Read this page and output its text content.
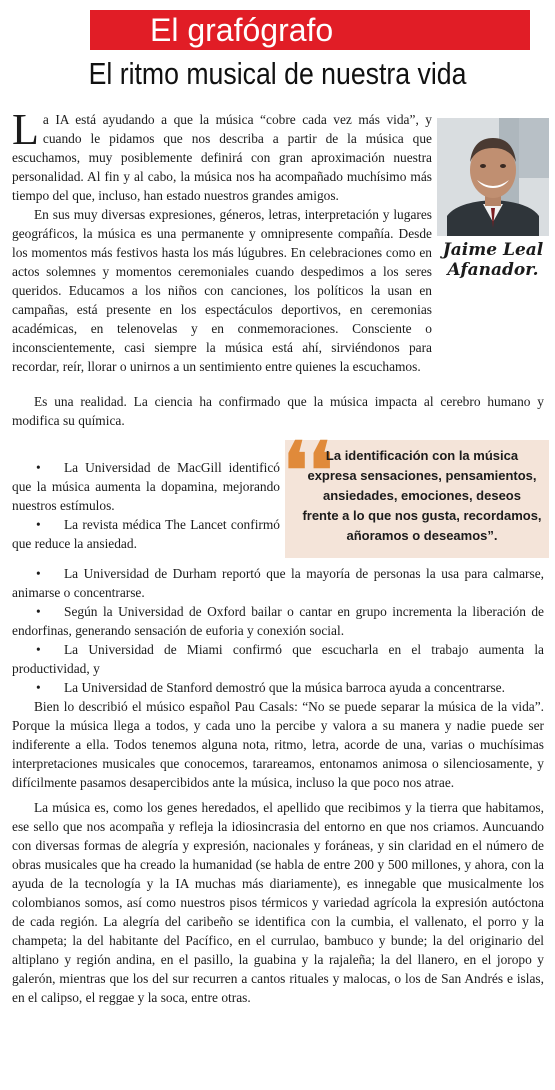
El grafógrafo
El ritmo musical de nuestra vida
Jaime Leal
Afanador.

La IA está ayudando a que la música “cobre cada vez más vida”, y cuando le pidamos que nos describa a partir de la música que escuchamos, muy posiblemente definirá con gran aproximación nuestra personalidad. Al fin y al cabo, la música nos ha acompañado muchísimo más tiempo del que, incluso, han estado nuestros grandes amigos.

En sus muy diversas expresiones, géneros, letras, interpretación y lugares geográficos, la música es una permanente y omnipresente compañía. Desde los momentos más festivos hasta los más lúgubres. En celebraciones como en actos solemnes y momentos ceremoniales cuando despedimos a los seres queridos. Educamos a los niños con canciones, los políticos la usan en campañas, está presente en los espectáculos deportivos, en ceremonias académicas, en telenovelas y en conmemoraciones. Consciente o inconscientemente, casi siempre la música está ahí, sirviéndonos para recordar, reír, llorar o unirnos a un sentimiento entre quienes la escuchamos.

Es una realidad. La ciencia ha confirmado que la música impacta al cerebro humano y modifica su química.

❛❛
La identificación con la música
expresa sensaciones, pensamientos,
ansiedades, emociones, deseos
frente a lo que nos gusta, recordamos,
añoramos o deseamos”.

• La Universidad de MacGill identificó que la música aumenta la dopamina, mejorando nuestros estímulos.

• La revista médica The Lancet confirmó que reduce la ansiedad.

• La Universidad de Durham reportó que la mayoría de personas la usa para calmarse, animarse o concentrarse.

• Según la Universidad de Oxford bailar o cantar en grupo incrementa la liberación de endorfinas, generando sensación de euforia y conexión social.

• La Universidad de Miami confirmó que escucharla en el trabajo aumenta la productividad, y

• La Universidad de Stanford demostró que la música barroca ayuda a concentrarse.

Bien lo describió el músico español Pau Casals: “No se puede separar la música de la vida”. Porque la música llega a todos, y cada uno la percibe y valora a su manera y nadie puede ser indiferente a ella. Todos tenemos alguna nota, ritmo, letra, acorde de una, varias o muchísimas interpretaciones musicales que conocemos, tarareamos, entonamos animosa o silenciosamente, y difícilmente pasamos desapercibidos ante la música, incluso la que poco nos atrae.

La música es, como los genes heredados, el apellido que recibimos y la tierra que habitamos, ese sello que nos acompaña y refleja la idiosincrasia del entorno en que nos criamos. Auncuando con diversas formas de alegría y expresión, nacionales y foráneas, y sin claridad en el número de obras musicales que ha creado la humanidad (se habla de entre 200 y 500 millones, y ahora, con la ayuda de la tecnología y la IA muchas más diariamente), es innegable que musicalmente los colombianos somos, así como nuestros pisos térmicos y variedad agrícola la expresión autóctona de cada región. La alegría del caribeño se identifica con la cumbia, el vallenato, el porro y la champeta; la del habitante del Pacífico, en el currulao, bambuco y bunde; la del originario del altiplano y región andina, en el pasillo, la guabina y la rajaleña; la del llanero, en el joropo y galerón, mientras que los del sur recurren a cantos rituales y malocas, o los de San Andrés e islas, en el calipso, el reggae y la soca, entre otras.
